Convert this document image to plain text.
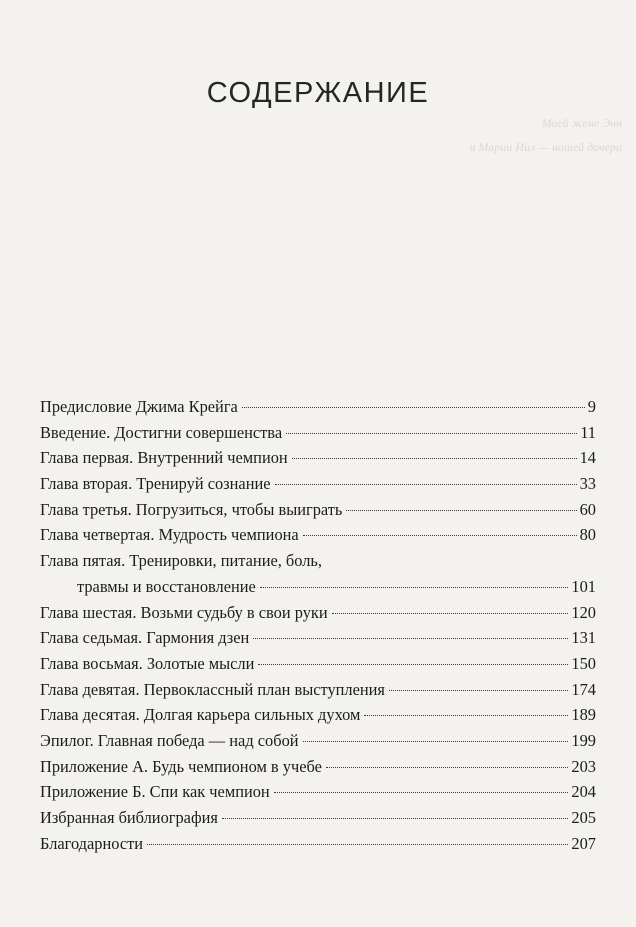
Моей жене Энн
и Марии Нил — нашей дочери
СОДЕРЖАНИЕ
Предисловие Джима Крейга	9
Введение. Достигни совершенства	11
Глава первая. Внутренний чемпион	14
Глава вторая. Тренируй сознание	33
Глава третья. Погрузиться, чтобы выиграть	60
Глава четвертая. Мудрость чемпиона	80
Глава пятая. Тренировки, питание, боль,
травмы и восстановление	101
Глава шестая. Возьми судьбу в свои руки	120
Глава седьмая. Гармония дзен	131
Глава восьмая. Золотые мысли	150
Глава девятая. Первоклассный план выступления	174
Глава десятая. Долгая карьера сильных духом	189
Эпилог. Главная победа — над собой	199
Приложение А. Будь чемпионом в учебе	203
Приложение Б. Спи как чемпион	204
Избранная библиография	205
Благодарности	207
